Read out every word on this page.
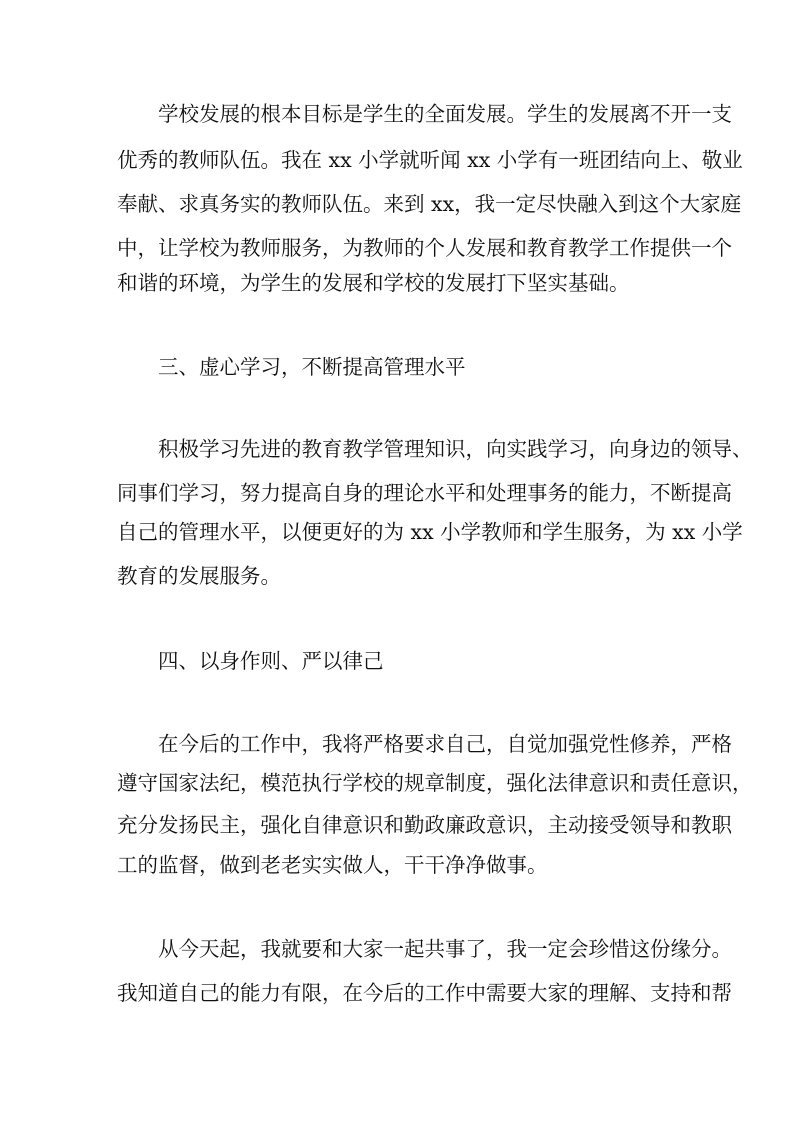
学校发展的根本目标是学生的全面发展。学生的发展离不开一支
优秀的教师队伍。我在 xx 小学就听闻 xx 小学有一班团结向上、敬业
奉献、求真务实的教师队伍。来到 xx，我一定尽快融入到这个大家庭
中，让学校为教师服务，为教师的个人发展和教育教学工作提供一个
和谐的环境，为学生的发展和学校的发展打下坚实基础。
三、虚心学习，不断提高管理水平
积极学习先进的教育教学管理知识，向实践学习，向身边的领导、
同事们学习，努力提高自身的理论水平和处理事务的能力，不断提高
自己的管理水平，以便更好的为 xx 小学教师和学生服务，为 xx 小学
教育的发展服务。
四、以身作则、严以律己
在今后的工作中，我将严格要求自己，自觉加强党性修养，严格
遵守国家法纪，模范执行学校的规章制度，强化法律意识和责任意识，
充分发扬民主，强化自律意识和勤政廉政意识，主动接受领导和教职
工的监督，做到老老实实做人，干干净净做事。
从今天起，我就要和大家一起共事了，我一定会珍惜这份缘分。
我知道自己的能力有限，在今后的工作中需要大家的理解、支持和帮
